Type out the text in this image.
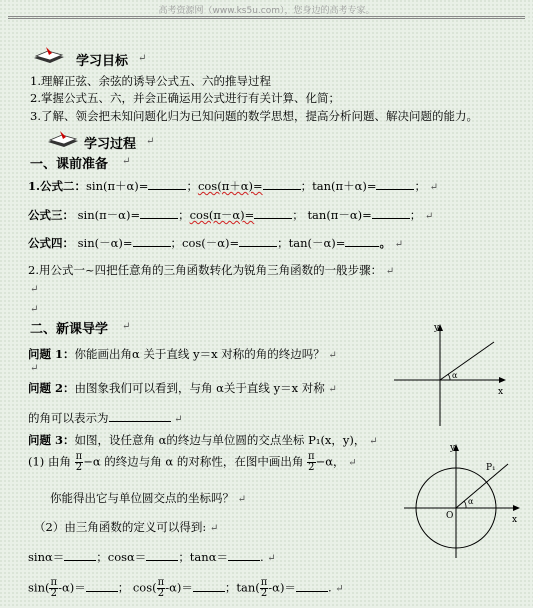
高考资源网（www.ks5u.com），您身边的高考专家。
学习目标 ↵
1.理解正弦、余弦的诱导公式五、六的推导过程
2.掌握公式五、六，并会正确运用公式进行有关计算、化简；
3.了解、领会把未知问题化归为已知问题的数学思想，提高分析问题、解决问题的能力。
学习过程 ↵
一、课前准备 ↵
1.公式二：sin(π＋α)=	；cos(π＋α)=	；tan(π＋α)=	； ↵
公式三： sin(π－α)=	；cos(π－α)=	； tan(π－α)=	； ↵
公式四： sin(－α)=	；cos(－α)=	；tan(－α)=	。 ↵
2.用公式一~四把任意角的三角函数转化为锐角三角函数的一般步骤： ↵
↵
↵
二、新课导学 ↵
问题 1：你能画出角α 关于直线 y＝x 对称的角的终边吗？ ↵
↵
问题 2：由图象我们可以看到，与角 α关于直线 y＝x 对称 ↵
的角可以表示为	↵
问题 3：如图，设任意角 α的终边与单位圆的交点坐标 P₁(x，y)， ↵
(1) 由角 $\frac{\pi}{2} -\alpha$ 的终边与角 α 的对称性，在图中画出角 $\frac{\pi}{2} -\alpha$， ↵
你能得出它与单位圆交点的坐标吗？ ↵
（2）由三角函数的定义可以得到: ↵
sinα＝	；cosα＝	；tanα＝	. ↵
$\sin( \frac{\pi}{2} -\alpha)=$	； $\cos( \frac{\pi}{2} -\alpha)=$	；$\tan( \frac{\pi}{2} -\alpha)=$	. ↵
y
x
α
y
x
O
P₁
α
